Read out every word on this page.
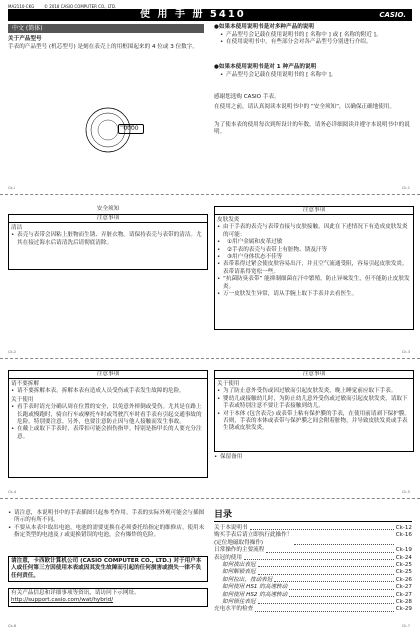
MA2110-CKG © 2018 CASIO COMPUTER CO., LTD.
使 用 手 册 5410	CASIO.
中文 (简体)
关于产品型号
手表的产品型号 (机芯型号) 是刻在表壳上的用框围起来的 4 位或 3 位数字。
0000
●如果本使用说明书是对多种产品的说明
• 产品型号会记载在使用说明书的 [ 名称中 ] 或 [ 名称的附近 ]。
• 在使用说明书中，有些部分会对各产品型号分别进行介绍。
●如果本使用说明书是对 1 种产品的说明
• 产品型号会记载在使用说明书的 [ 名称中 ]。
感谢您选购 CASIO 手表。
在使用之前，请认真阅读本说明书中的 “安全须知”，以确保正确地使用。
为了使本表的使用每次到所设计的年数，请务必详细阅读并遵守本说明书中的说明。
Ck-i	Ck-1
安全须知
注意事项
清洁
• 表壳与表带会因粘上脏物而生锈、弄脏衣物。请保持表壳与表带的清洁。尤其在接过海水后请清洗后请彻底清除。
注意事项
皮肤发炎
• 由于手表的表壳与表带直接与皮肤接触，因此在下述情况下有造成皮肤发炎的可能：
• ①用户金属和皮革过敏
• ②手表的表壳与表带上有脏物、锈及汗等
• ③用户身体状态不佳等
• 表带系得过紧会使皮肤容易出汗，并且空气流通受阻，容易引起皮肤发炎。表带请系得宽松一些。
• “抗菌防臭表带” 能抑制细菌在汗中繁殖，防止异味发生，但不能防止皮肤发炎。
• 万一皮肤发生异常，请从手腕上取下手表并去看医生。
Ck-2	Ck-3
注意事项
请不要拆解
• 请不要拆解本表。拆解本表有造成人员受伤或手表发生故障的危险。
关于使用
• 看手表时请充分确认周在位置的安全，以免意外摔倒或受伤。尤其是在路上长跑或慢跑时，骑自行车或摩托车时或驾驶汽车时看手表有引起交通事故的危险。特别要注意。另外，也要注意防止因与他人接触而发生事故。
• 在戴上或取下手表时，表带扣可能会损伤指甲。特别是指甲长的人要充分注意。
注意事项
关于使用
• 为了防止意外受伤或因过敏而引起皮肤发炎，晚上睡觉前应取下手表。
• 婴幼儿或接触幼儿时，为防止幼儿意外受伤或过敏而引起皮肤发炎，请取下手表或特别注意不要让手表接触到幼儿。
• 对于本体 (包含表壳) 或表带上粘有保护膜的手表，在使用前请剥下保护膜。否则，手表的本体或表带与保护膜之间会附着脏物，并导致皮肤发炎或手表生锈或皮肤发炎。
• 保留备用
Ck-4	Ck-5
• 请注意，本说明书中的手表插图只起参考作用。手表的实际外观可能会与插图所示的有所不同。
• 不要从本表中取出电池。电池的需要更换在必须委托给指定的维修店。使用未指定类型的电池及 / 或更换错误的电池，会有爆炸的危险。
请注意，卡西欧计算机公司 (CASIO COMPUTER CO., LTD.) 对于用户本人或任何第三方因使用本表或因其发生故障而引起的任何损害或损失一律不负任何责任。
有关产品信息和详细事项等资讯，请访问下示网址。
http://support.casio.com/wat/hybrid/
目录
关于本说明书	Ck-12
购买手表后请立即执行此操作！
(定位地磁取得操作)
Ck-16
日常操作的主要流程	Ck-19
表冠的使用	Ck-24
如何拔出表冠	Ck-25
如何解锁表冠	Ck-25
如何拉出，按动表冠	Ck-26
如何使用 HS1 的高速转动	Ck-27
如何使用 HS2 的高速转动	Ck-27
如何锁住表冠	Ck-28
充电水平的检查	Ck-29
Ck-6	Ck-7
